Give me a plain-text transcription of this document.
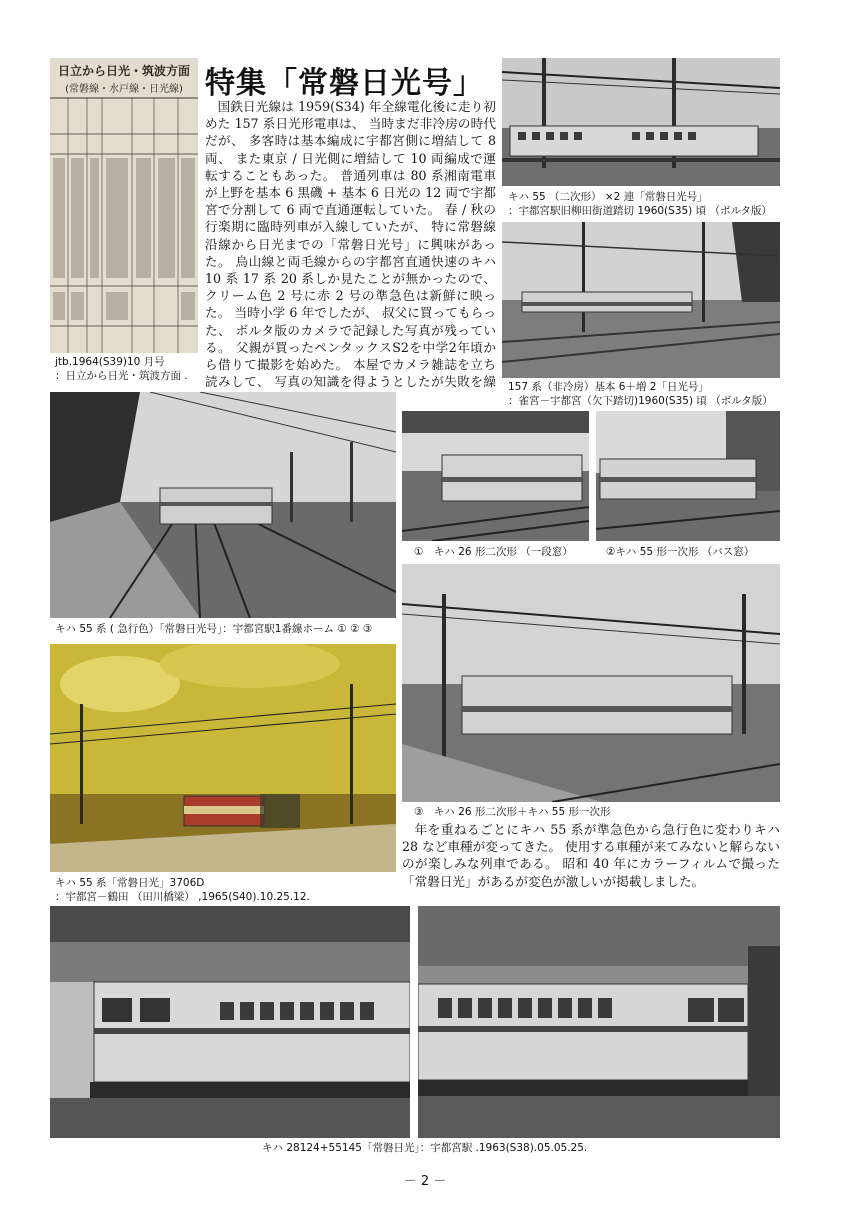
日立から日光・筑波方面
(常磐線・水戸線・日光線)
jtb.1964(S39)10 月号
：日立から日光・筑波方面 .
特集「常磐日光号」
国鉄日光線は 1959(S34) 年全線電化後に走り初めた 157 系日光形電車は、 当時まだ非冷房の時代だが、 多客時は基本編成に宇都宮側に増結して 8 両、 また東京 / 日光側に増結して 10 両編成で運転することもあった。 普通列車は 80 系湘南電車が上野を基本 6 黒磯 + 基本 6 日光の 12 両で宇都宮で分割して 6 両で直通運転していた。 春 / 秋の行楽期に臨時列車が入線していたが、 特に常磐線沿線から日光までの「常磐日光号」に興味があった。 烏山線と両毛線からの宇都宮直通快速のキハ 10 系 17 系 20 系しか見たことが無かったので、 クリーム色 2 号に赤 2 号の準急色は新鮮に映った。 当時小学 6 年でしたが、 叔父に買ってもらった、 ボルタ版のカメラで記録した写真が残っている。 父親が買ったペンタックスS2を中学2年頃から借りて撮影を始めた。 本屋でカメラ雑誌を立ち読みして、 写真の知識を得ようとしたが失敗を繰
キハ 55 （二次形） ×2 連「常磐日光号」
：宇都宮駅旧柳田街道踏切 1960(S35) 頃 （ボルタ版）
157 系（非冷房）基本 6＋増 2「日光号」
：雀宮－宇都宮（欠下踏切)1960(S35) 頃 （ボルタ版）
キハ 55 系 ( 急行色）「常磐日光号」：宇都宮駅1番線ホーム ① ② ③
①　キハ 26 形二次形 （一段窓）	②キハ 55 形一次形 （バス窓）
③　キハ 26 形二次形＋キハ 55 形一次形
キハ 55 系「常磐日光」3706D
：宇都宮－鶴田 （田川橋梁） ,1965(S40).10.25.12.
年を重ねるごとにキハ 55 系が準急色から急行色に変わりキハ 28 など車種が変ってきた。 使用する車種が来てみないと解らないのが楽しみな列車である。 昭和 40 年にカラーフィルムで撮った「常磐日光」があるが変色が激しいが掲載しました。
キハ 28124+55145「常磐日光」：宇都宮駅 .1963(S38).05.05.25.
－ 2 －
